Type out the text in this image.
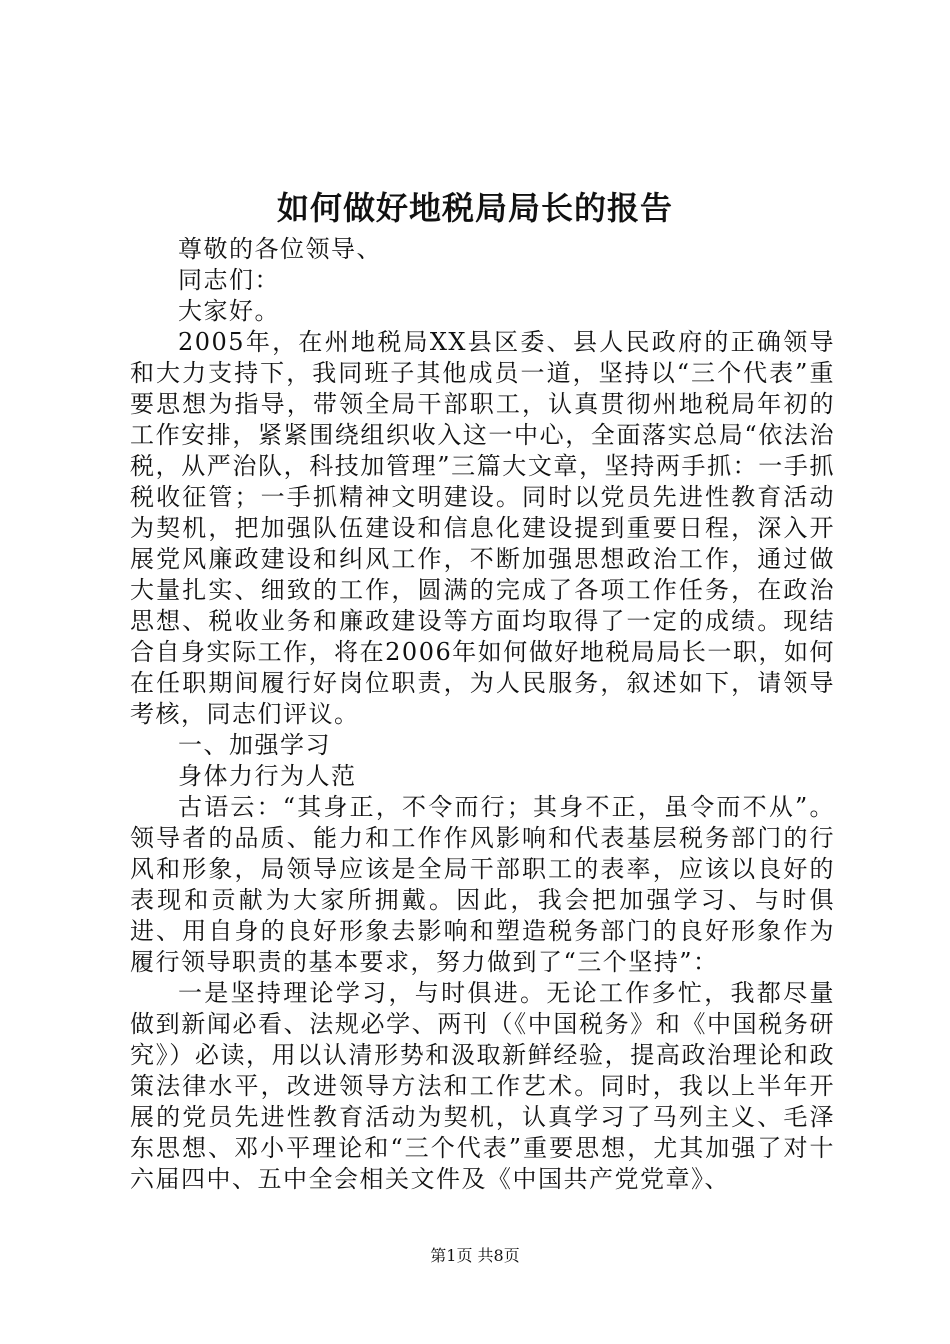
如何做好地税局局长的报告

尊敬的各位领导、

同志们：

大家好。

2005年，在州地税局XX县区委、县人民政府的正确领导和大力支持下，我同班子其他成员一道，坚持以“三个代表”重要思想为指导，带领全局干部职工，认真贯彻州地税局年初的工作安排，紧紧围绕组织收入这一中心，全面落实总局“依法治税，从严治队，科技加管理”三篇大文章，坚持两手抓：一手抓税收征管；一手抓精神文明建设。同时以党员先进性教育活动为契机，把加强队伍建设和信息化建设提到重要日程，深入开展党风廉政建设和纠风工作，不断加强思想政治工作，通过做大量扎实、细致的工作，圆满的完成了各项工作任务，在政治思想、税收业务和廉政建设等方面均取得了一定的成绩。现结合自身实际工作，将在2006年如何做好地税局局长一职，如何在任职期间履行好岗位职责，为人民服务，叙述如下，请领导考核，同志们评议。

一、加强学习

身体力行为人范

古语云：“其身正，不令而行；其身不正，虽令而不从”。领导者的品质、能力和工作作风影响和代表基层税务部门的行风和形象，局领导应该是全局干部职工的表率，应该以良好的表现和贡献为大家所拥戴。因此，我会把加强学习、与时俱进、用自身的良好形象去影响和塑造税务部门的良好形象作为履行领导职责的基本要求，努力做到了“三个坚持”：

一是坚持理论学习，与时俱进。无论工作多忙，我都尽量做到新闻必看、法规必学、两刊（《中国税务》和《中国税务研究》）必读，用以认清形势和汲取新鲜经验，提高政治理论和政策法律水平，改进领导方法和工作艺术。同时，我以上半年开展的党员先进性教育活动为契机，认真学习了马列主义、毛泽东思想、邓小平理论和“三个代表”重要思想，尤其加强了对十六届四中、五中全会相关文件及《中国共产党党章》、

第1页 共8页
